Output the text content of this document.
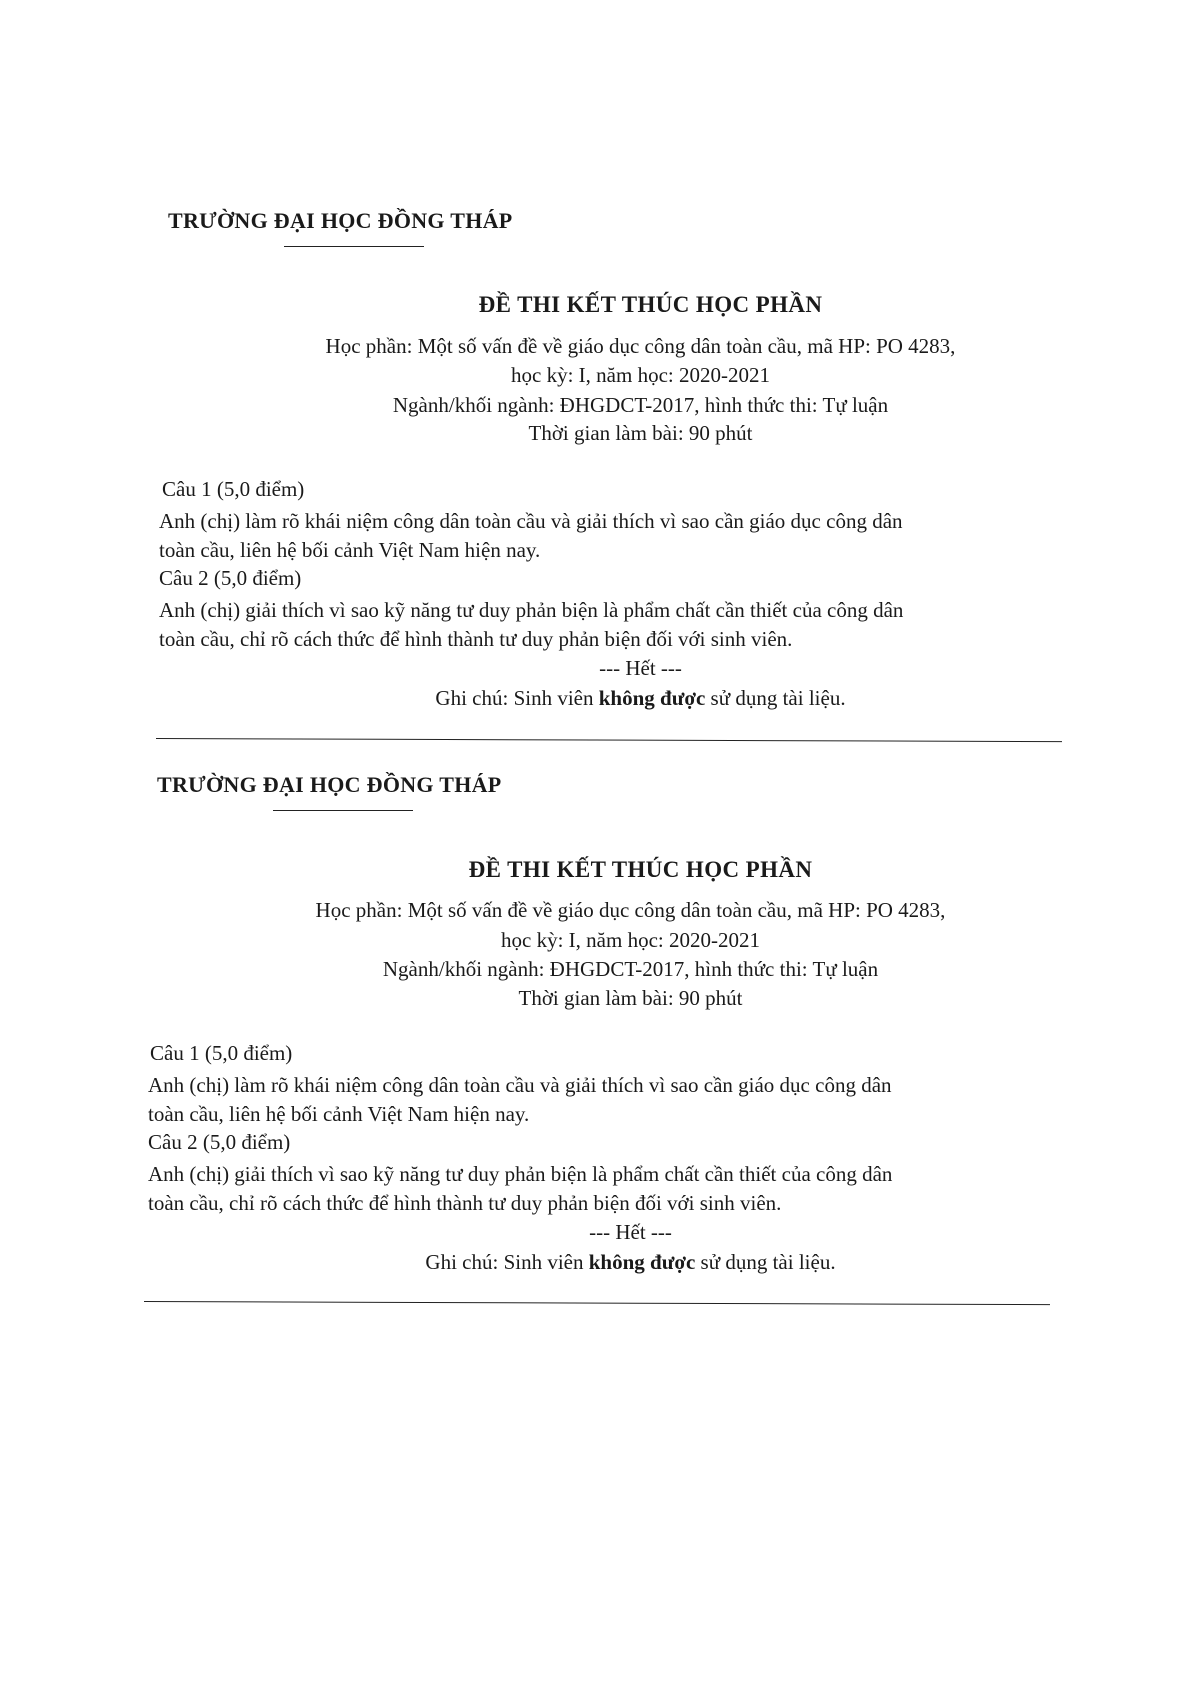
TRƯỜNG ĐẠI HỌC ĐỒNG THÁP
ĐỀ THI KẾT THÚC HỌC PHẦN
Học phần: Một số vấn đề về giáo dục công dân toàn cầu, mã HP: PO 4283,
học kỳ: I, năm học: 2020-2021
Ngành/khối ngành: ĐHGDCT-2017, hình thức thi: Tự luận
Thời gian làm bài: 90 phút
Câu 1 (5,0 điểm)
Anh (chị) làm rõ khái niệm công dân toàn cầu và giải thích vì sao cần giáo dục công dân
toàn cầu, liên hệ bối cảnh Việt Nam hiện nay.
Câu 2 (5,0 điểm)
Anh (chị) giải thích vì sao kỹ năng tư duy phản biện là phẩm chất cần thiết của công dân
toàn cầu, chỉ rõ cách thức để hình thành tư duy phản biện đối với sinh viên.
--- Hết ---
Ghi chú: Sinh viên không được sử dụng tài liệu.
TRƯỜNG ĐẠI HỌC ĐỒNG THÁP
ĐỀ THI KẾT THÚC HỌC PHẦN
Học phần: Một số vấn đề về giáo dục công dân toàn cầu, mã HP: PO 4283,
học kỳ: I, năm học: 2020-2021
Ngành/khối ngành: ĐHGDCT-2017, hình thức thi: Tự luận
Thời gian làm bài: 90 phút
Câu 1 (5,0 điểm)
Anh (chị) làm rõ khái niệm công dân toàn cầu và giải thích vì sao cần giáo dục công dân
toàn cầu, liên hệ bối cảnh Việt Nam hiện nay.
Câu 2 (5,0 điểm)
Anh (chị) giải thích vì sao kỹ năng tư duy phản biện là phẩm chất cần thiết của công dân
toàn cầu, chỉ rõ cách thức để hình thành tư duy phản biện đối với sinh viên.
--- Hết ---
Ghi chú: Sinh viên không được sử dụng tài liệu.
